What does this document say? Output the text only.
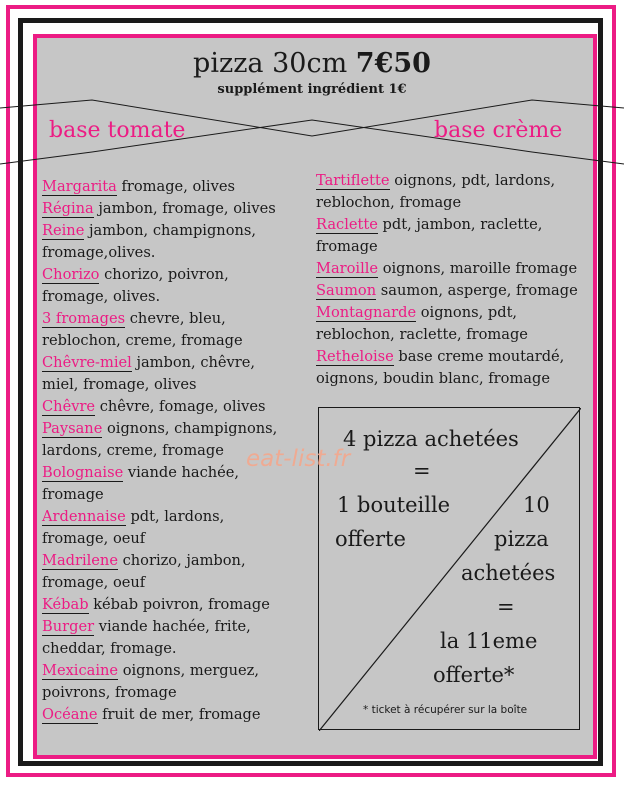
pizza 30cm 7€50
supplément ingrédient 1€
base tomate	base crème
Margarita fromage, olives
Régina jambon, fromage, olives
Reine jambon, champignons, fromage,olives.
Chorizo chorizo, poivron, fromage, olives.
3 fromages chevre, bleu, reblochon, creme, fromage
Chêvre-miel jambon, chêvre, miel, fromage, olives
Chêvre chêvre, fomage, olives
Paysane oignons, champignons, lardons, creme, fromage
Bolognaise viande hachée, fromage
Ardennaise pdt, lardons, fromage, oeuf
Madrilene chorizo, jambon, fromage, oeuf
Kébab kébab poivron, fromage
Burger viande hachée, frite, cheddar, fromage.
Mexicaine oignons, merguez, poivrons, fromage
Océane fruit de mer, fromage
Tartiflette oignons, pdt, lardons, reblochon, fromage
Raclette pdt, jambon, raclette, fromage
Maroille oignons, maroille fromage
Saumon saumon, asperge, fromage
Montagnarde oignons, pdt, reblochon, raclette, fromage
Retheloise base creme moutardé, oignons, boudin blanc, fromage
4 pizza achetées
=
1 bouteille
offerte
10
pizza
achetées
=
la 11eme
offerte*
* ticket à récupérer sur la boîte
eat-list.fr
